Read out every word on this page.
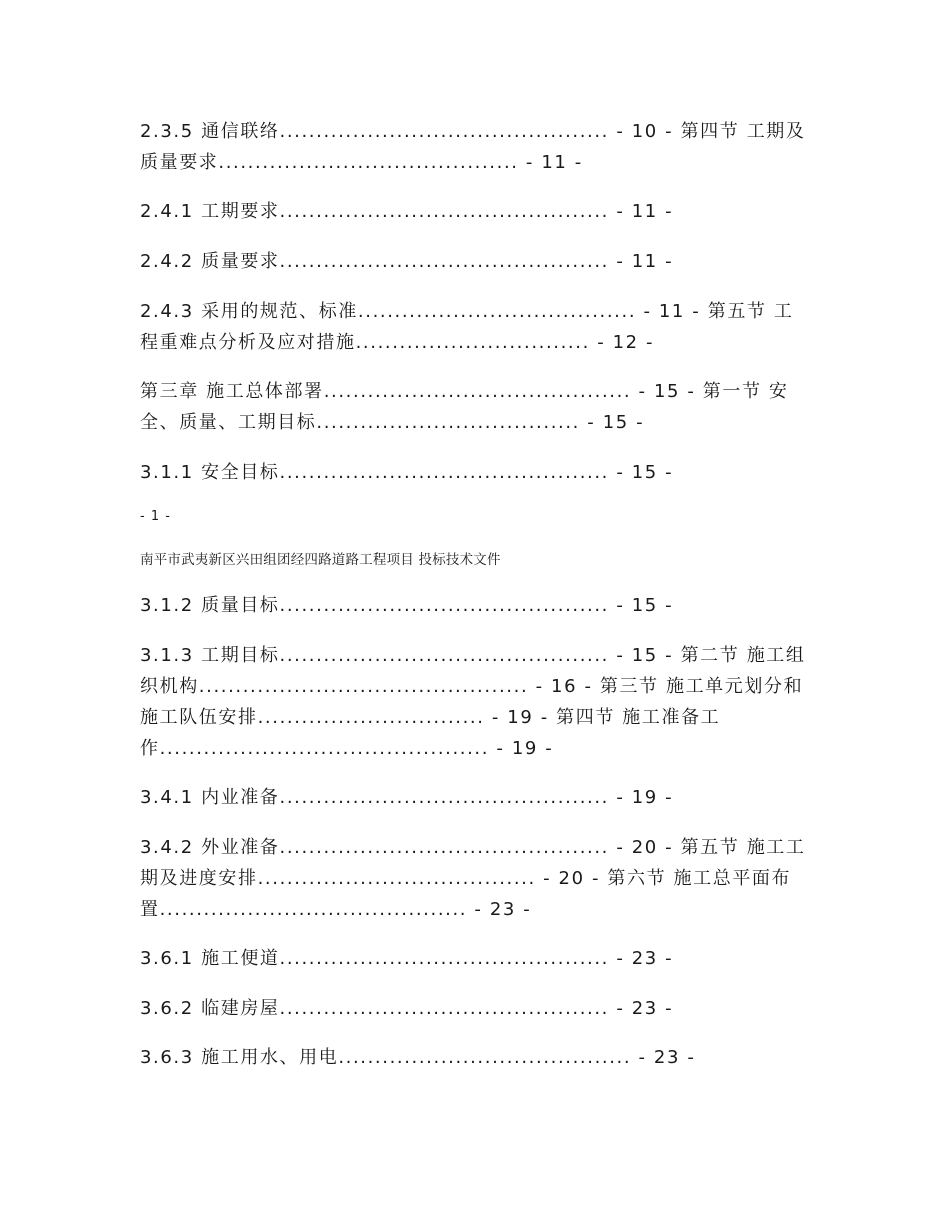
2.3.5 通信联络............................................. - 10 - 第四节 工期及质量要求......................................... - 11 -

2.4.1 工期要求............................................. - 11 -

2.4.2 质量要求............................................. - 11 -

2.4.3 采用的规范、标准...................................... - 11 - 第五节 工程重难点分析及应对措施................................ - 12 -

第三章 施工总体部署.......................................... - 15 - 第一节 安全、质量、工期目标.................................... - 15 -

3.1.1 安全目标............................................. - 15 -

- 1 -
南平市武夷新区兴田组团经四路道路工程项目 投标技术文件

3.1.2 质量目标............................................. - 15 -

3.1.3 工期目标............................................. - 15 - 第二节 施工组织机构............................................. - 16 - 第三节 施工单元划分和施工队伍安排............................... - 19 - 第四节 施工准备工作............................................. - 19 -

3.4.1 内业准备............................................. - 19 -

3.4.2 外业准备............................................. - 20 - 第五节 施工工期及进度安排...................................... - 20 - 第六节 施工总平面布置.......................................... - 23 -

3.6.1 施工便道............................................. - 23 -

3.6.2 临建房屋............................................. - 23 -

3.6.3 施工用水、用电........................................ - 23 -
